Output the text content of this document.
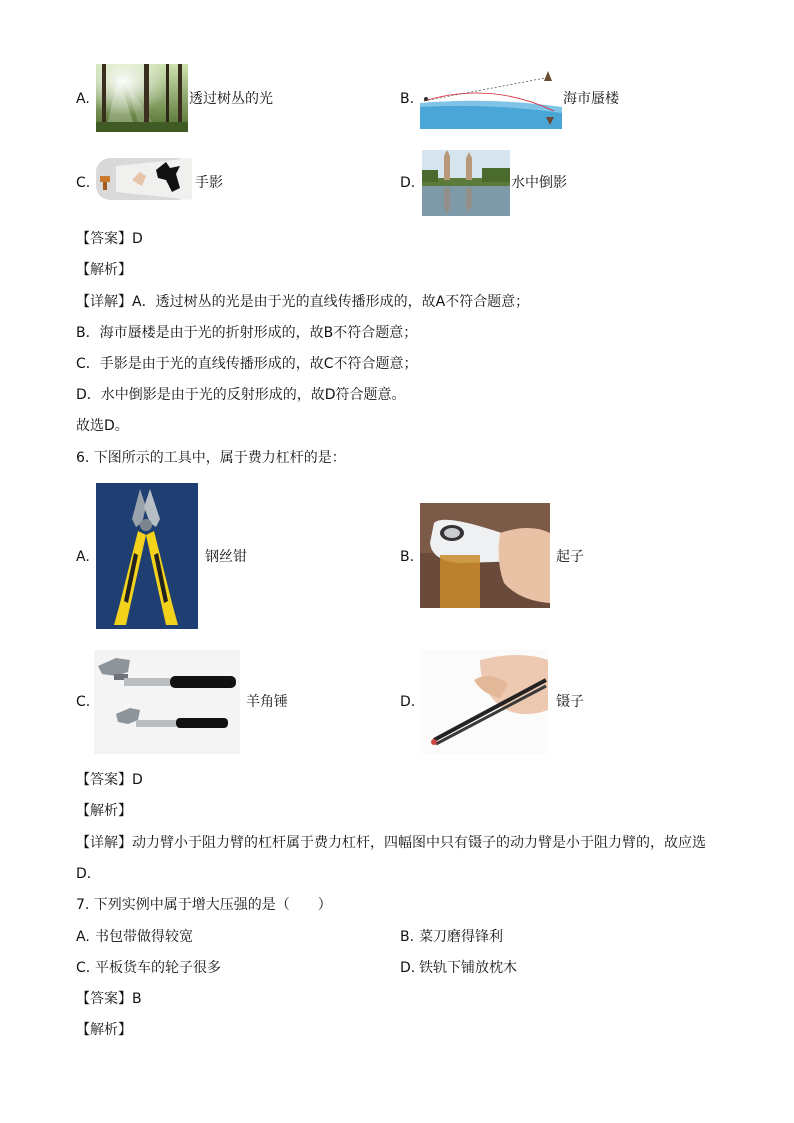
A.	透过树丛的光	B.	海市蜃楼
C.	手影	D.	水中倒影
【答案】D
【解析】
【详解】A．透过树丛的光是由于光的直线传播形成的，故A不符合题意；
B．海市蜃楼是由于光的折射形成的，故B不符合题意；
C．手影是由于光的直线传播形成的，故C不符合题意；
D．水中倒影是由于光的反射形成的，故D符合题意。
故选D。
6. 下图所示的工具中，属于费力杠杆的是：
A.	钢丝钳	B.	起子
C.	羊角锤	D.	镊子
【答案】D
【解析】
【详解】动力臂小于阻力臂的杠杆属于费力杠杆，四幅图中只有镊子的动力臂是小于阻力臂的，故应选
D．
7. 下列实例中属于增大压强的是（　　）
A. 书包带做得较宽	B. 菜刀磨得锋利
C. 平板货车的轮子很多	D. 铁轨下铺放枕木
【答案】B
【解析】
